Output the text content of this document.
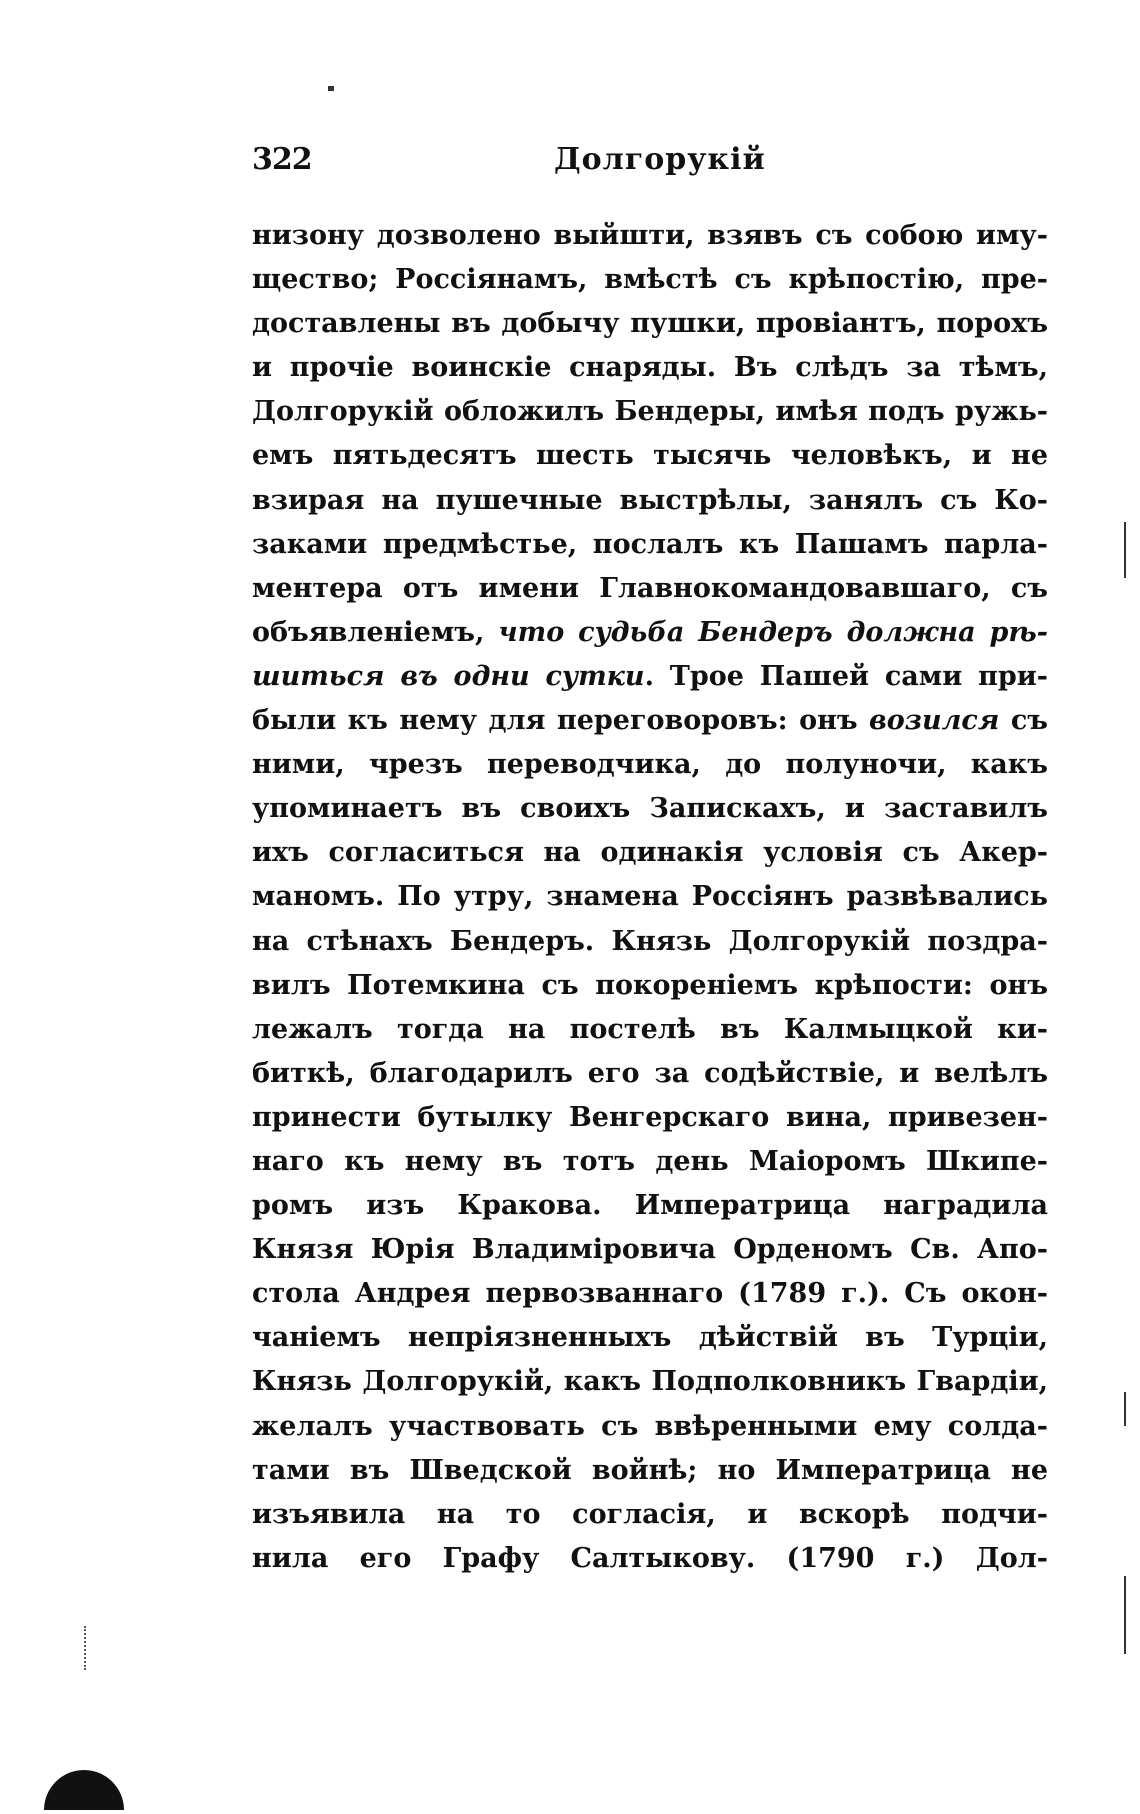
322	Долгорукій
низону дозволено выйшти, взявъ съ собою иму-
щество; Россіянамъ, вмѣстѣ съ крѣпостію, пре-
доставлены въ добычу пушки, провіантъ, порохъ
и прочіе воинскіе снаряды. Въ слѣдъ за тѣмъ,
Долгорукій обложилъ Бендеры, имѣя подъ ружь-
емъ пятьдесятъ шесть тысячь человѣкъ, и не
взирая на пушечные выстрѣлы, занялъ съ Ко-
заками предмѣстье, послалъ къ Пашамъ парла-
ментера отъ имени Главнокомандовавшаго, съ
объявленіемъ, что судьба Бендеръ должна рѣ-
шиться въ одни сутки. Трое Пашей сами при-
были къ нему для переговоровъ: онъ возился съ
ними, чрезъ переводчика, до полуночи, какъ
упоминаетъ въ своихъ Запискахъ, и заставилъ
ихъ согласиться на одинакія условія съ Акер-
маномъ. По утру, знамена Россіянъ развѣвались
на стѣнахъ Бендеръ. Князь Долгорукій поздра-
вилъ Потемкина съ покореніемъ крѣпости: онъ
лежалъ тогда на постелѣ въ Калмыцкой ки-
биткѣ, благодарилъ его за содѣйствіе, и велѣлъ
принести бутылку Венгерскаго вина, привезен-
наго къ нему въ тотъ день Маіоромъ Шкипе-
ромъ изъ Кракова. Императрица наградила
Князя Юрія Владиміровича Орденомъ Св. Апо-
стола Андрея первозваннаго (1789 г.). Съ окон-
чаніемъ непріязненныхъ дѣйствій въ Турціи,
Князь Долгорукій, какъ Подполковникъ Гвардіи,
желалъ участвовать съ ввѣренными ему солда-
тами въ Шведской войнѣ; но Императрица не
изъявила на то согласія, и вскорѣ подчи-
нила его Графу Салтыкову. (1790 г.) Дол-
